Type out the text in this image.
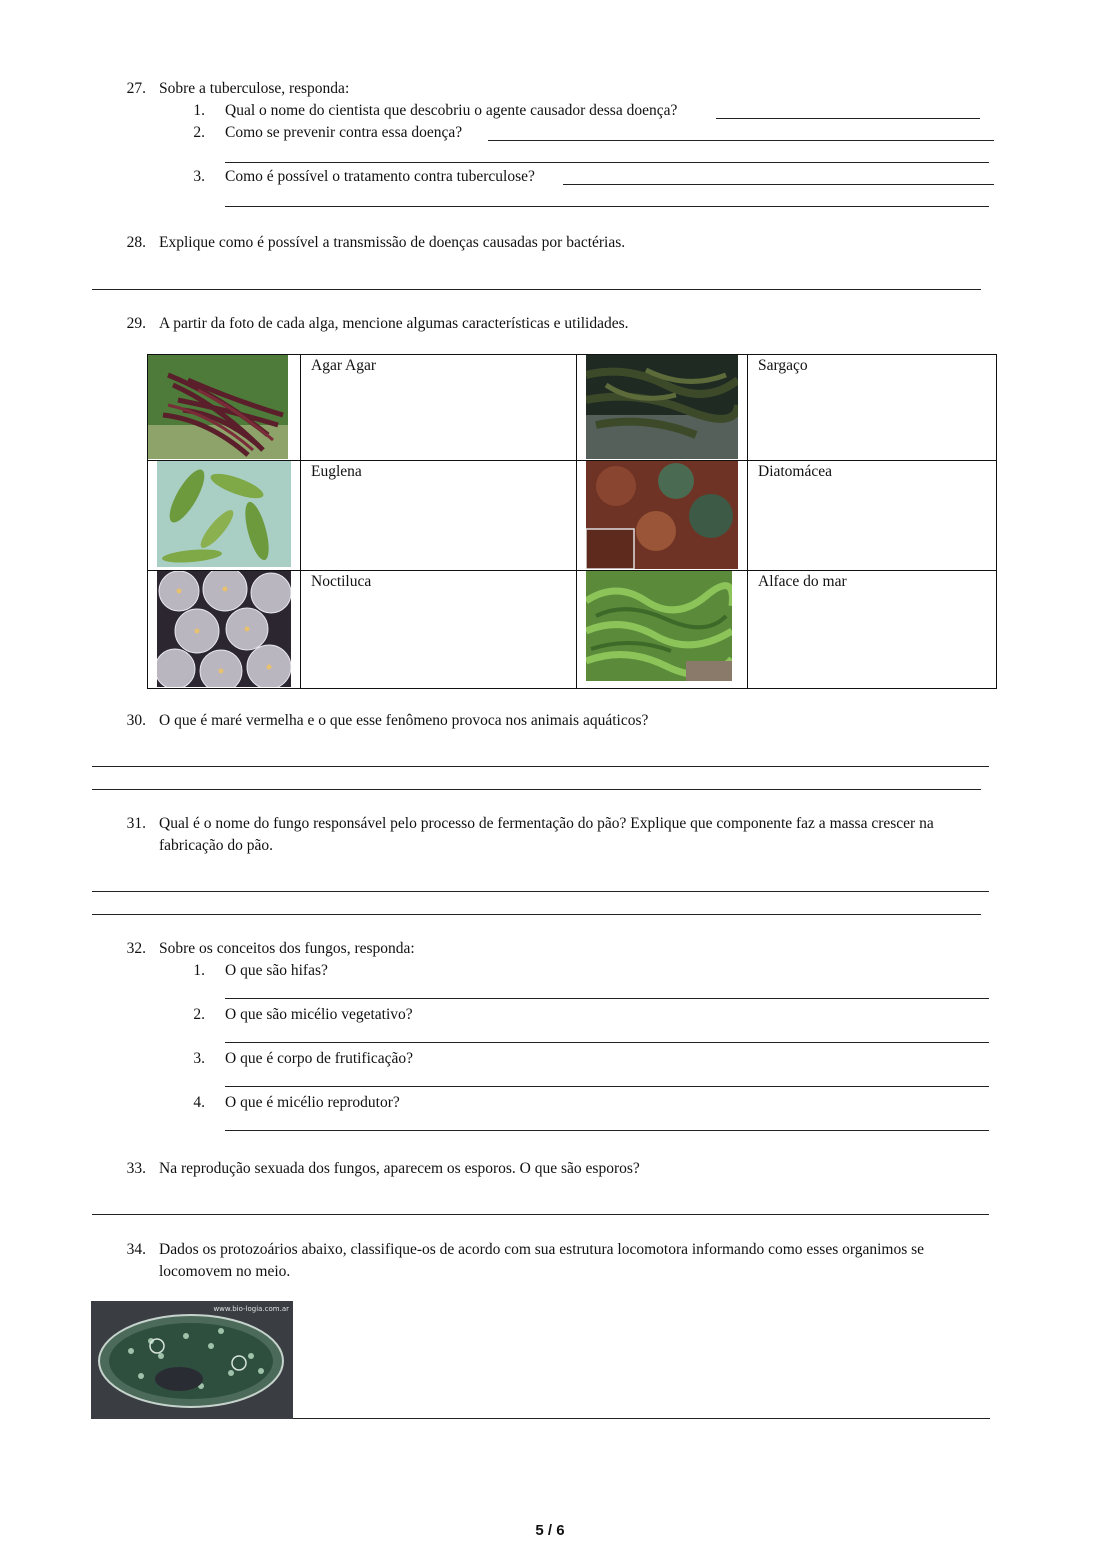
27. Sobre a tuberculose, responda:
1. Qual o nome do cientista que descobriu o agente causador dessa doença?
2. Como se prevenir contra essa doença?
3. Como é possível o tratamento contra tuberculose?
28. Explique como é possível a transmissão de doenças causadas por bactérias.
29. A partir da foto de cada alga, mencione algumas características e utilidades.

Agar Agar		Sargaço

Euglena		Diatomácea

Noctiluca		Alface do mar
30. O que é maré vermelha e o que esse fenômeno provoca nos animais aquáticos?
31. Qual é o nome do fungo responsável pelo processo de fermentação do pão? Explique que componente faz a massa crescer na
fabricação do pão.
32. Sobre os conceitos dos fungos, responda:
1. O que são hifas?
2. O que são micélio vegetativo?
3. O que é corpo de frutificação?
4. O que é micélio reprodutor?
33. Na reprodução sexuada dos fungos, aparecem os esporos. O que são esporos?
34. Dados os protozoários abaixo, classifique-os de acordo com sua estrutura locomotora informando como esses organimos se
locomovem no meio.
www.bio-logia.com.ar
5 / 6
